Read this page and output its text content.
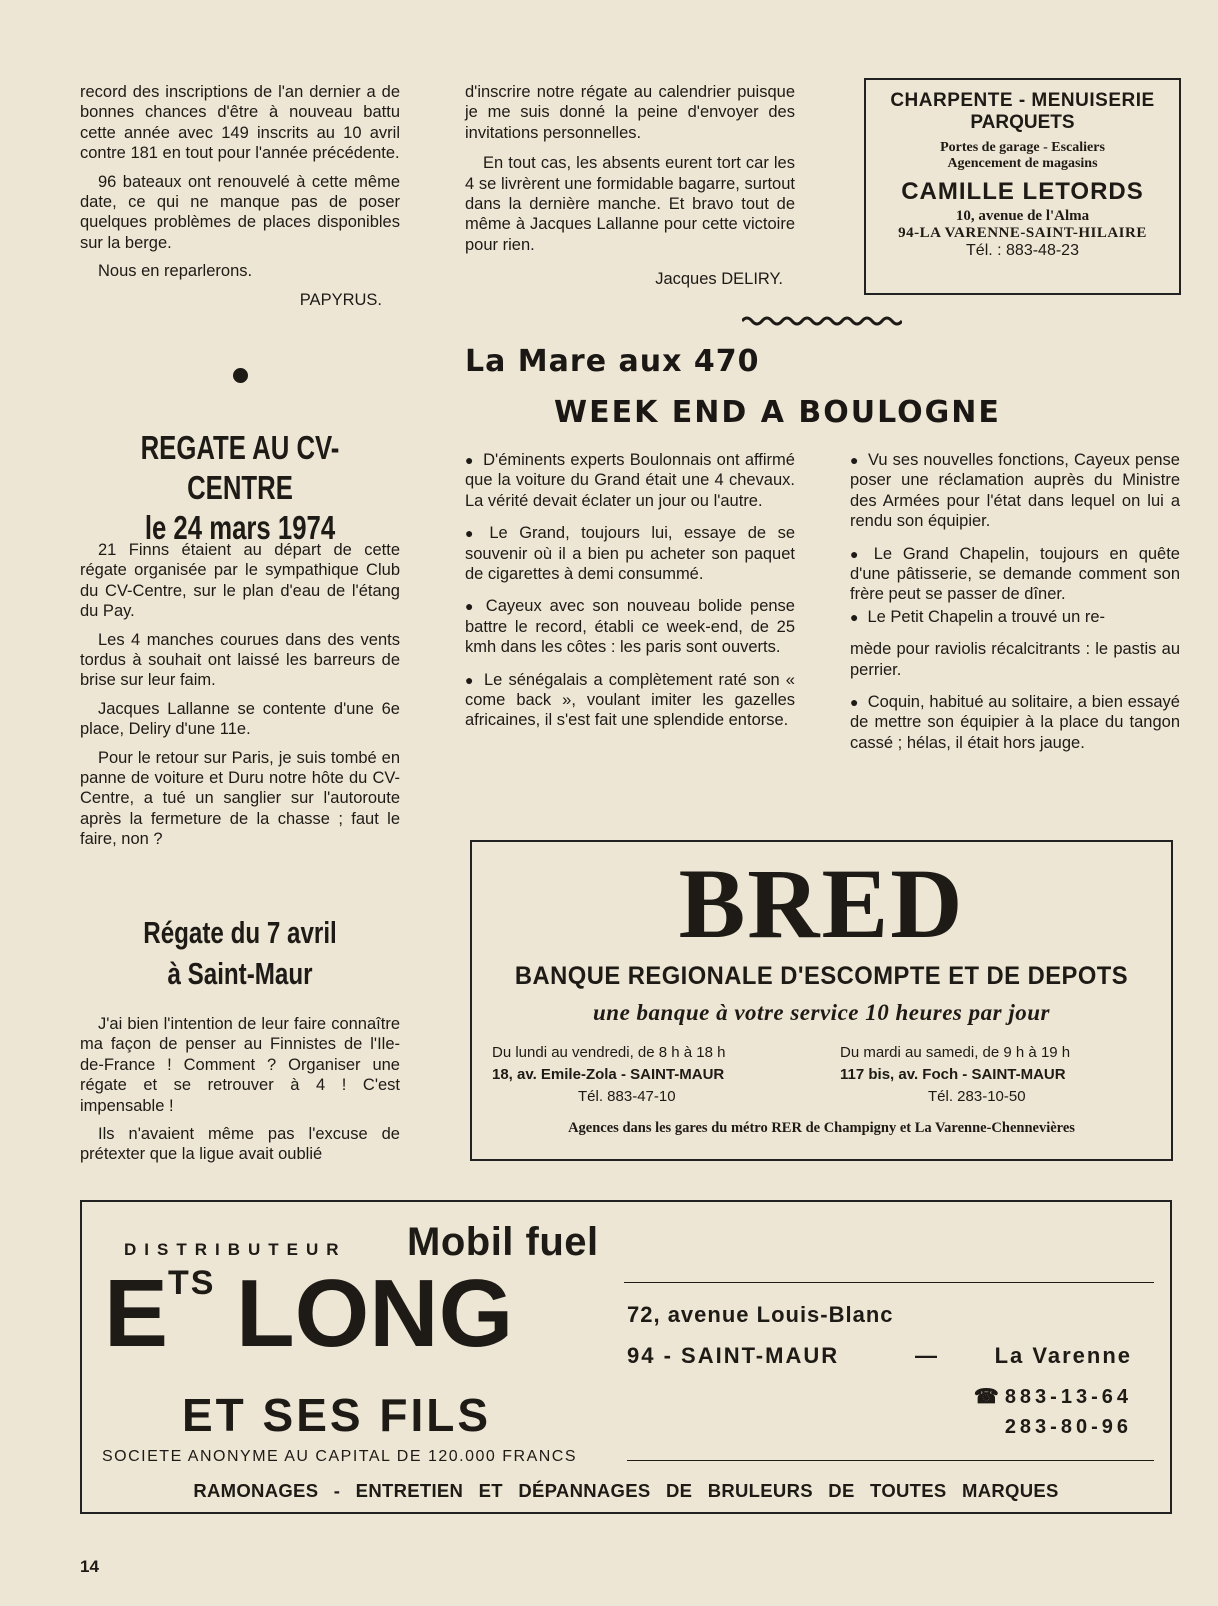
record des inscriptions de l'an dernier a de bonnes chances d'être à nouveau battu cette année avec 149 inscrits au 10 avril contre 181 en tout pour l'année précédente.

96 bateaux ont renouvelé à cette même date, ce qui ne manque pas de poser quelques problèmes de places disponibles sur la berge.

Nous en reparlerons.

PAPYRUS.
REGATE AU CV-CENTRE
le 24 mars 1974

21 Finns étaient au départ de cette régate organisée par le sympathique Club du CV-Centre, sur le plan d'eau de l'étang du Pay.

Les 4 manches courues dans des vents tordus à souhait ont laissé les barreurs de brise sur leur faim.

Jacques Lallanne se contente d'une 6e place, Deliry d'une 11e.

Pour le retour sur Paris, je suis tombé en panne de voiture et Duru notre hôte du CV-Centre, a tué un sanglier sur l'autoroute après la fermeture de la chasse ; faut le faire, non ?

Régate du 7 avril
à Saint-Maur

J'ai bien l'intention de leur faire connaître ma façon de penser au Finnistes de l'Ile-de-France ! Comment ? Organiser une régate et se retrouver à 4 ! C'est impensable !

Ils n'avaient même pas l'excuse de prétexter que la ligue avait oublié

d'inscrire notre régate au calendrier puisque je me suis donné la peine d'envoyer des invitations personnelles.

En tout cas, les absents eurent tort car les 4 se livrèrent une formidable bagarre, surtout dans la dernière manche. Et bravo tout de même à Jacques Lallanne pour cette victoire pour rien.

Jacques DELIRY.
CHARPENTE - MENUISERIE
PARQUETS
Portes de garage - Escaliers
Agencement de magasins
CAMILLE LETORDS
10, avenue de l'Alma
94-LA VARENNE-SAINT-HILAIRE
Tél. : 883-48-23
La Mare aux 470
WEEK END A BOULOGNE

● D'éminents experts Boulonnais ont affirmé que la voiture du Grand était une 4 chevaux. La vérité devait éclater un jour ou l'autre.

● Le Grand, toujours lui, essaye de se souvenir où il a bien pu acheter son paquet de cigarettes à demi consummé.

● Cayeux avec son nouveau bolide pense battre le record, établi ce week-end, de 25 kmh dans les côtes : les paris sont ouverts.

● Le sénégalais a complètement raté son « come back », voulant imiter les gazelles africaines, il s'est fait une splendide entorse.

● Vu ses nouvelles fonctions, Cayeux pense poser une réclamation auprès du Ministre des Armées pour l'état dans lequel on lui a rendu son équipier.

● Le Grand Chapelin, toujours en quête d'une pâtisserie, se demande comment son frère peut se passer de dîner.

● Le Petit Chapelin a trouvé un re-

mède pour raviolis récalcitrants : le pastis au perrier.

● Coquin, habitué au solitaire, a bien essayé de mettre son équipier à la place du tangon cassé ; hélas, il était hors jauge.

BRED
BANQUE REGIONALE D'ESCOMPTE ET DE DEPOTS
une banque à votre service 10 heures par jour
Du lundi au vendredi, de 8 h à 18 h
18, av. Emile-Zola - SAINT-MAUR
Tél. 883-47-10
Du mardi au samedi, de 9 h à 19 h
117 bis, av. Foch - SAINT-MAUR
Tél. 283-10-50
Agences dans les gares du métro RER de Champigny et La Varenne-Chennevières
DISTRIBUTEUR Mobil fuel
ETS LONG
ET SES FILS
SOCIETE ANONYME AU CAPITAL DE 120.000 FRANCS
72, avenue Louis-Blanc
94 - SAINT-MAUR	—	La Varenne
☎ 883-13-64
283-80-96
RAMONAGES - ENTRETIEN ET DÉPANNAGES DE BRULEURS DE TOUTES MARQUES
14
